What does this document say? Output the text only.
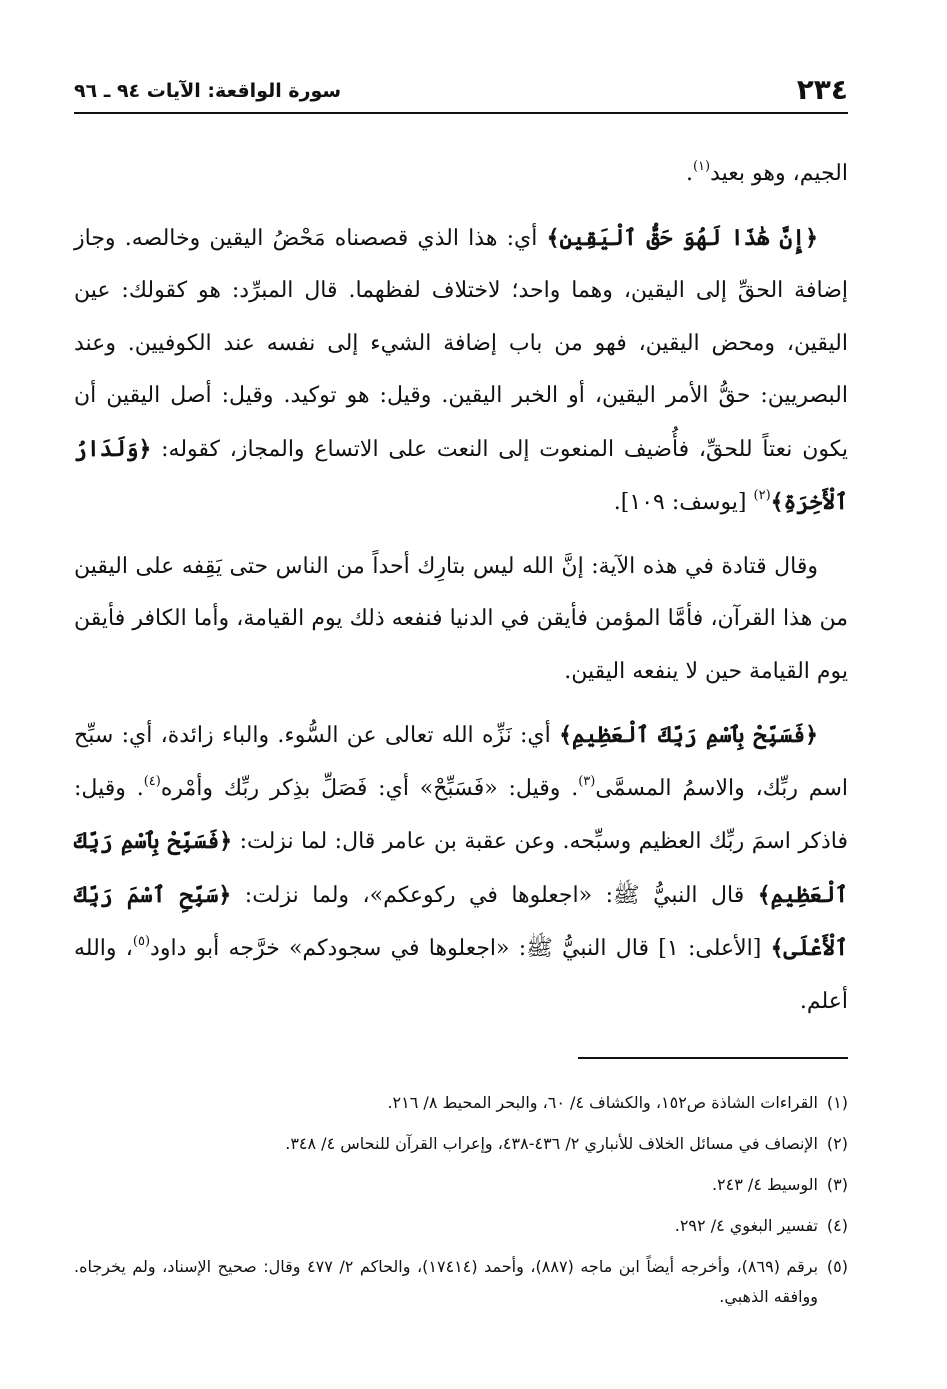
٢٣٤
سورة الواقعة: الآيات ٩٤ ـ ٩٦

الجيم، وهو بعيد$^{(١)}$.

﴿إِنَّ هَٰذَا لَهُوَ حَقُّ ٱلْيَقِينِ﴾ أي: هذا الذي قصصناه مَحْضُ اليقين وخالصه. وجاز إضافة الحقِّ إلى اليقين، وهما واحد؛ لاختلاف لفظهما. قال المبرِّد: هو كقولك: عين اليقين، ومحض اليقين، فهو من باب إضافة الشيء إلى نفسه عند الكوفيين. وعند البصريين: حقُّ الأمر اليقين، أو الخبر اليقين. وقيل: هو توكيد. وقيل: أصل اليقين أن يكون نعتاً للحقِّ، فأُضيف المنعوت إلى النعت على الاتساع والمجاز، كقوله: ﴿وَلَدَارُ ٱلْأَخِرَةِ﴾$^{(٢)}$ [يوسف: ١٠٩].

وقال قتادة في هذه الآية: إنَّ الله ليس بتارِك أحداً من الناس حتى يَقِفه على اليقين من هذا القرآن، فأمَّا المؤمن فأيقن في الدنيا فنفعه ذلك يوم القيامة، وأما الكافر فأيقن يوم القيامة حين لا ينفعه اليقين.

﴿فَسَبِّحْ بِٱسْمِ رَبِّكَ ٱلْعَظِيمِ﴾ أي: نَزِّه الله تعالى عن السُّوء. والباء زائدة، أي: سبِّح اسم ربِّك، والاسمُ المسمَّى$^{(٣)}$. وقيل: «فَسَبِّحْ» أي: فَصَلِّ بذِكر ربِّك وأمْره$^{(٤)}$. وقيل: فاذكر اسمَ ربِّك العظيم وسبِّحه. وعن عقبة بن عامر قال: لما نزلت: ﴿فَسَبِّحْ بِٱسْمِ رَبِّكَ ٱلْعَظِيمِ﴾ قال النبيُّ ﷺ: «اجعلوها في ركوعكم»، ولما نزلت: ﴿سَبِّحِ ٱسْمَ رَبِّكَ ٱلْأَعْلَى﴾ [الأعلى: ١] قال النبيُّ ﷺ: «اجعلوها في سجودكم» خرَّجه أبو داود$^{(٥)}$، والله أعلم.

(١)
القراءات الشاذة ص١٥٢، والكشاف ٤/ ٦٠، والبحر المحيط ٨/ ٢١٦.
(٢)
الإنصاف في مسائل الخلاف للأنباري ٢/ ٤٣٦-٤٣٨، وإعراب القرآن للنحاس ٤/ ٣٤٨.
(٣)
الوسيط ٤/ ٢٤٣.
(٤)
تفسير البغوي ٤/ ٢٩٢.
(٥)
برقم (٨٦٩)، وأخرجه أيضاً ابن ماجه (٨٨٧)، وأحمد (١٧٤١٤)، والحاكم ٢/ ٤٧٧ وقال: صحيح الإسناد، ولم يخرجاه. ووافقه الذهبي.
